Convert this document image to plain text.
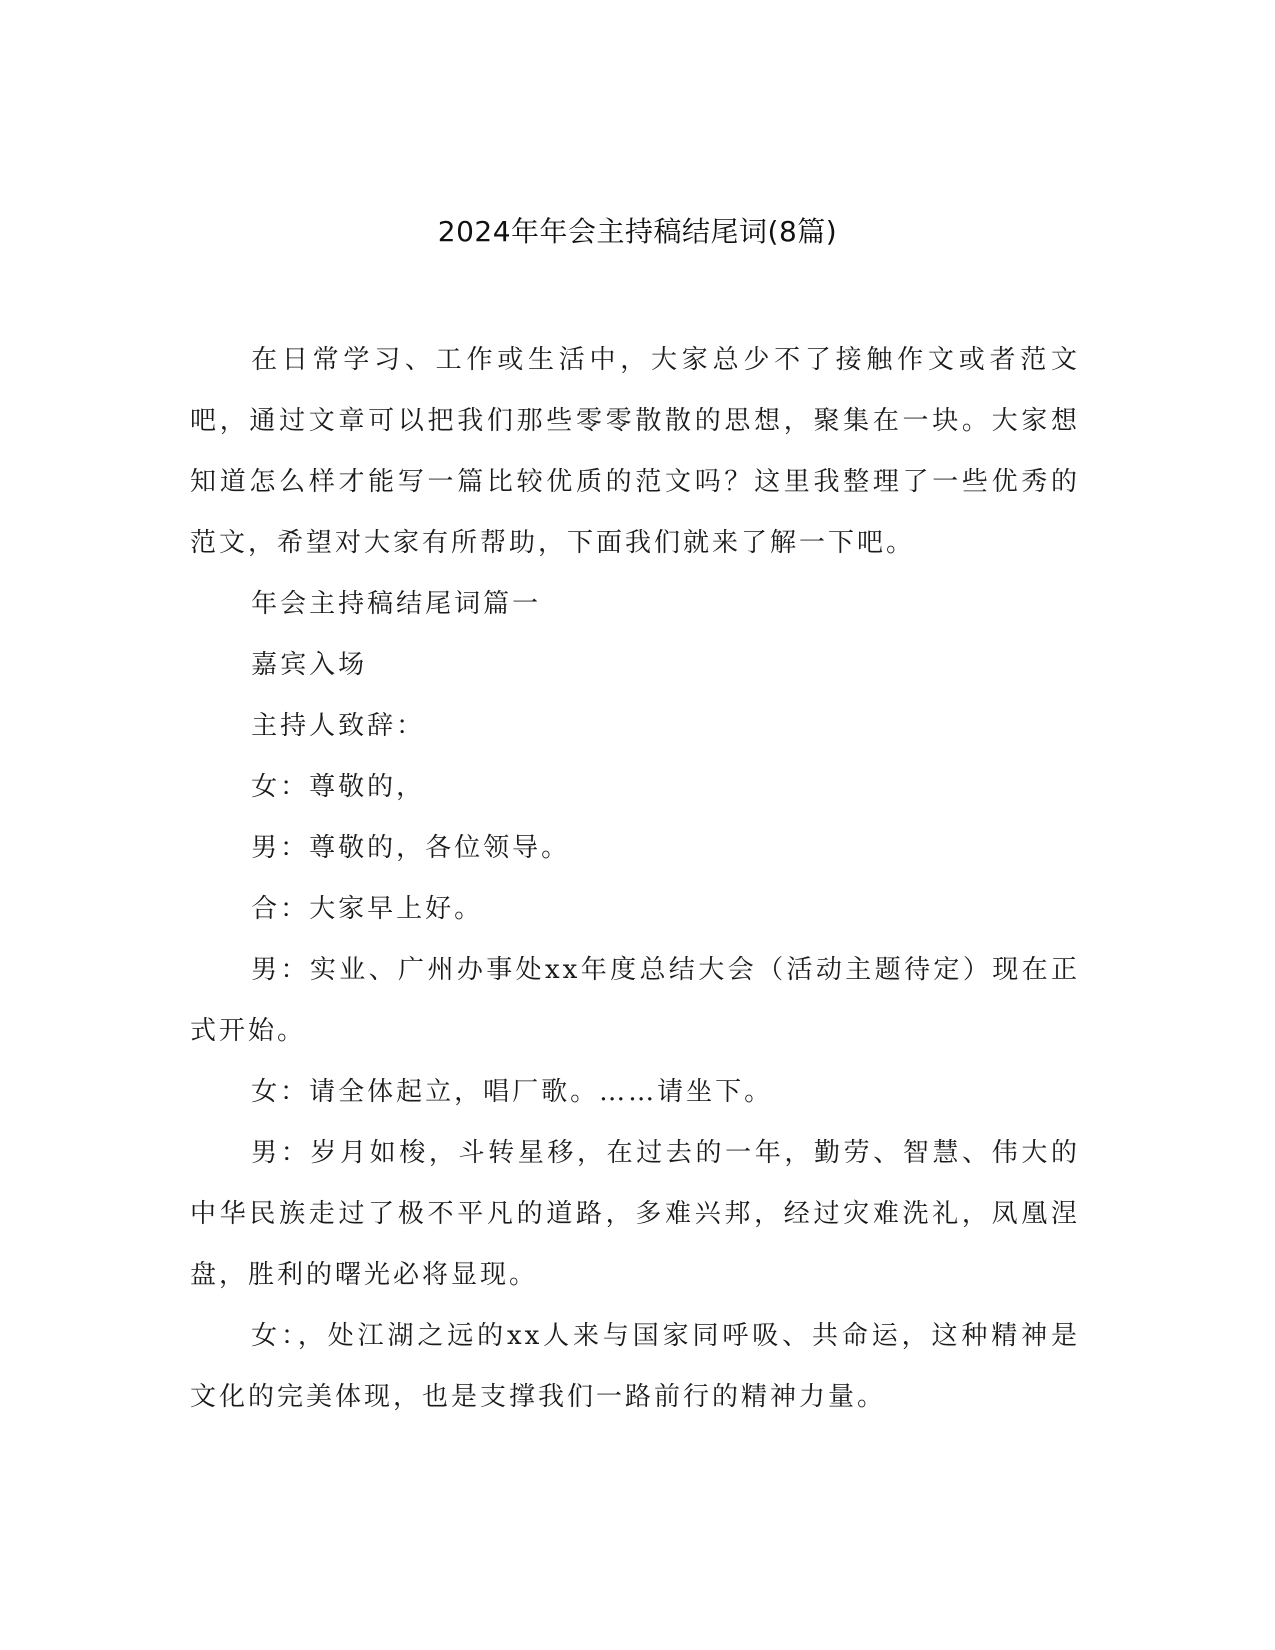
2024年年会主持稿结尾词(8篇)

在日常学习、工作或生活中，大家总少不了接触作文或者范文吧，通过文章可以把我们那些零零散散的思想，聚集在一块。大家想知道怎么样才能写一篇比较优质的范文吗？这里我整理了一些优秀的范文，希望对大家有所帮助，下面我们就来了解一下吧。

年会主持稿结尾词篇一

嘉宾入场

主持人致辞：

女：尊敬的，

男：尊敬的，各位领导。

合：大家早上好。

男：实业、广州办事处xx年度总结大会（活动主题待定）现在正式开始。

女：请全体起立，唱厂歌。……请坐下。

男：岁月如梭，斗转星移，在过去的一年，勤劳、智慧、伟大的中华民族走过了极不平凡的道路，多难兴邦，经过灾难洗礼，凤凰涅盘，胜利的曙光必将显现。

女：，处江湖之远的xx人来与国家同呼吸、共命运，这种精神是文化的完美体现，也是支撑我们一路前行的精神力量。
